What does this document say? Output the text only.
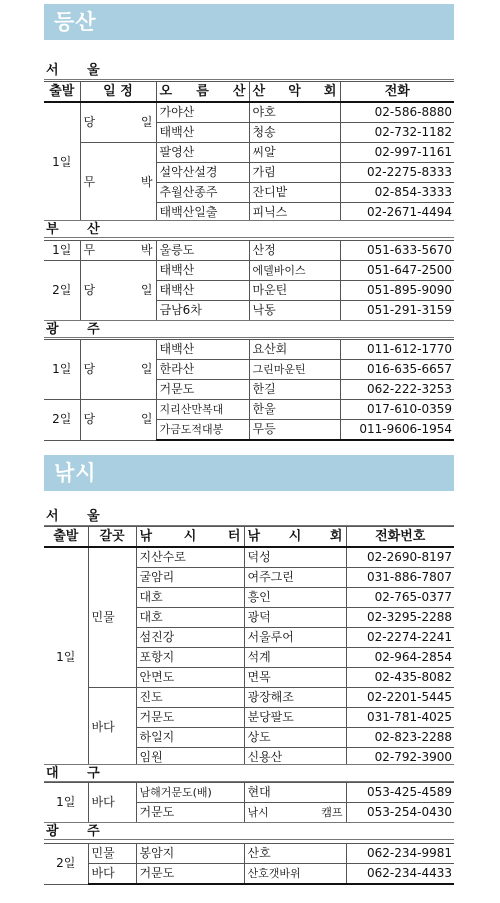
등산
서 울
출발	일 정	오 름 산	산 악 회	전화
1일	당 일	가야산	야호	02-586-8880
		태백산	청송	02-732-1182
	무 박	팔영산	씨알	02-997-1161
		설악산설경	가림	02-2275-8333
		추월산종주	잔디밭	02-854-3333
		태백산일출	피닉스	02-2671-4494
부 산
1일	무 박	울릉도	산정	051-633-5670
2일	당 일	태백산	에델바이스	051-647-2500
		태백산	마운틴	051-895-9090
		금남6차	낙동	051-291-3159
광 주
1일	당 일	태백산	요산회	011-612-1770
		한라산	그린마운틴	016-635-6657
		거문도	한길	062-222-3253
2일	당 일	지리산만복대	한울	017-610-0359
		가금도적대봉	무등	011-9606-1954
낚시
서 울
출발	갈곳	낚 시 터	낚 시 회	전화번호
1일	민물	지산수로	덕성	02-2690-8197
		굴암리	여주그린	031-886-7807
		대호	흥인	02-765-0377
		대호	광덕	02-3295-2288
		섬진강	서울루어	02-2274-2241
		포항지	석계	02-964-2854
		안면도	면목	02-435-8082
	바다	진도	광장해조	02-2201-5445
		거문도	분당팔도	031-781-4025
		하일지	상도	02-823-2288
		임원	신용산	02-792-3900
대 구
1일	바다	남해거문도(배)	현대	053-425-4589
		거문도	낚시 캠프	053-254-0430
광 주
2일	민물	봉암지	산호	062-234-9981
	바다	거문도	산호갯바위	062-234-4433
